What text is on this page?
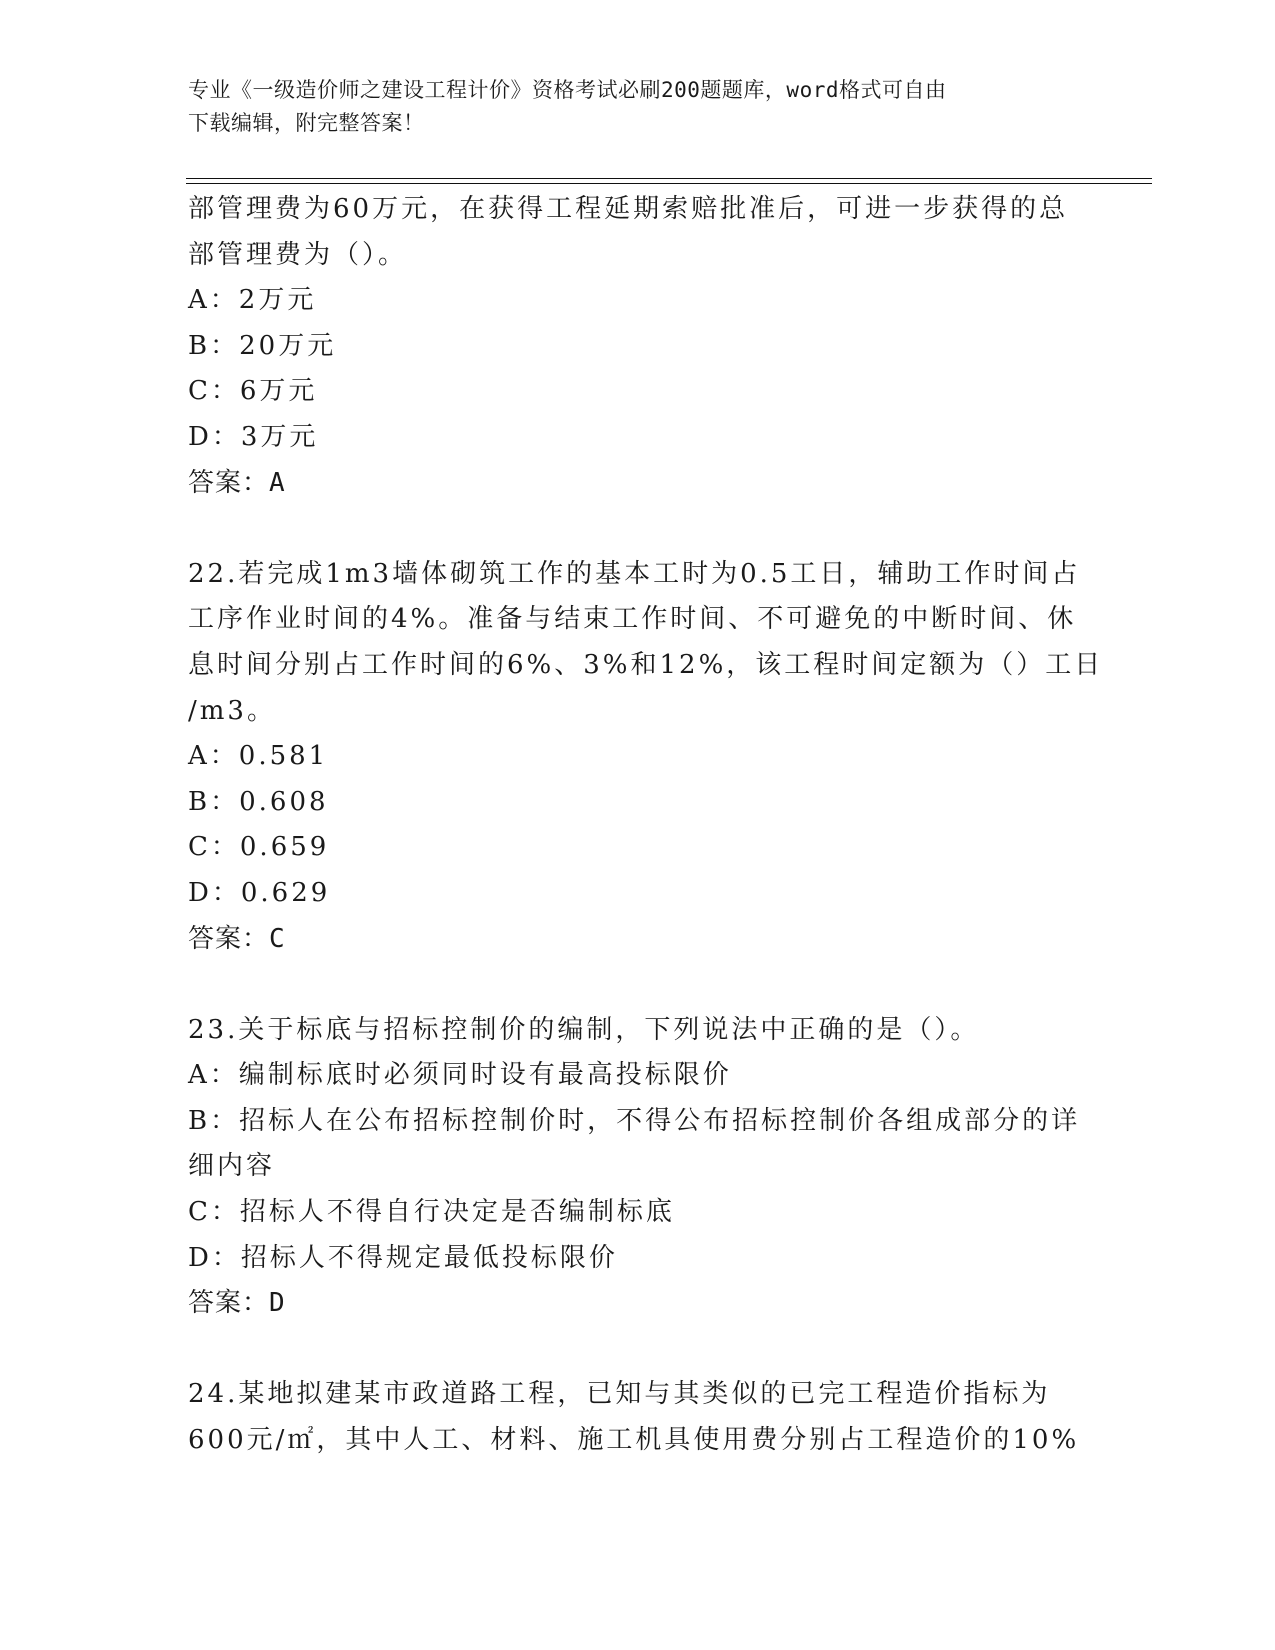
专业《一级造价师之建设工程计价》资格考试必刷200题题库，word格式可自由
下载编辑，附完整答案！
部管理费为60万元，在获得工程延期索赔批准后，可进一步获得的总
部管理费为（）。
A：2万元
B：20万元
C：6万元
D：3万元
答案：A
22.若完成1m3墙体砌筑工作的基本工时为0.5工日，辅助工作时间占
工序作业时间的4%。准备与结束工作时间、不可避免的中断时间、休
息时间分别占工作时间的6%、3%和12%，该工程时间定额为（）工日
/m3。
A：0.581
B：0.608
C：0.659
D：0.629
答案：C
23.关于标底与招标控制价的编制，下列说法中正确的是（）。
A：编制标底时必须同时设有最高投标限价
B：招标人在公布招标控制价时，不得公布招标控制价各组成部分的详
细内容
C：招标人不得自行决定是否编制标底
D：招标人不得规定最低投标限价
答案：D
24.某地拟建某市政道路工程，已知与其类似的已完工程造价指标为
600元/㎡，其中人工、材料、施工机具使用费分别占工程造价的10%
